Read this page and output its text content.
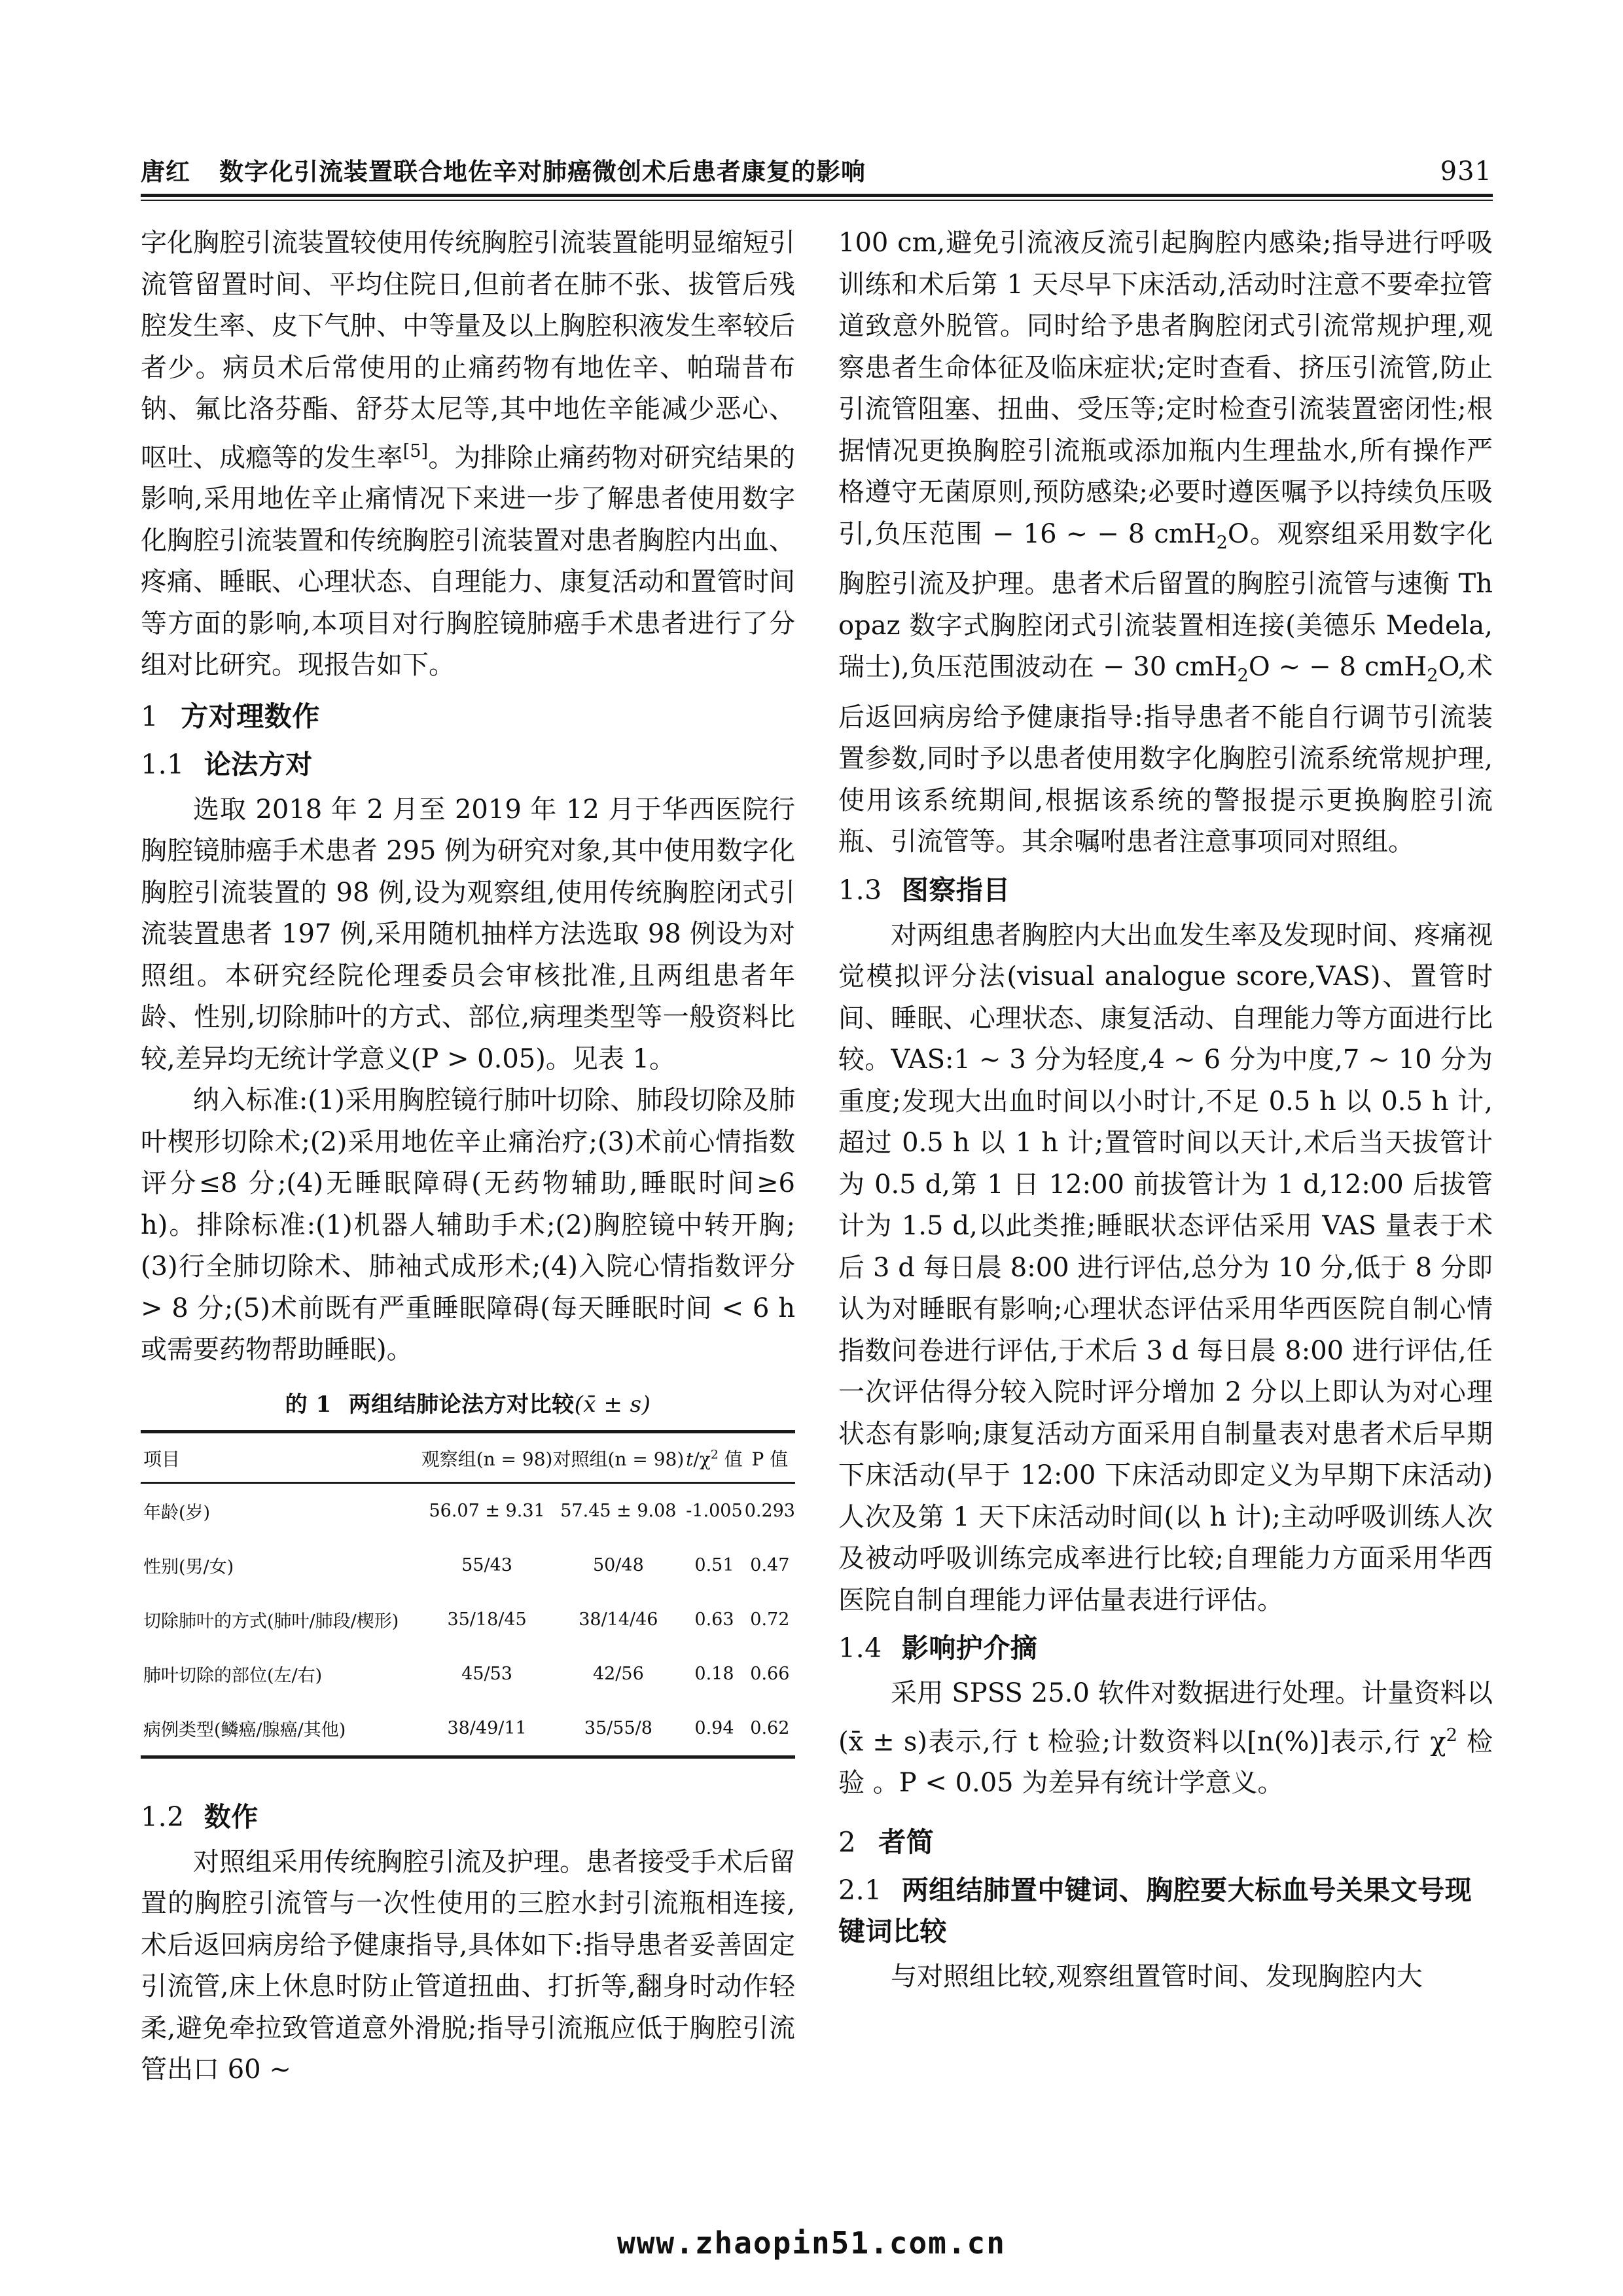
唐红 数字化引流装置联合地佐辛对肺癌微创术后患者康复的影响	931

字化胸腔引流装置较使用传统胸腔引流装置能明显缩短引流管留置时间、平均住院日,但前者在肺不张、拔管后残腔发生率、皮下气肿、中等量及以上胸腔积液发生率较后者少。病员术后常使用的止痛药物有地佐辛、帕瑞昔布钠、氟比洛芬酯、舒芬太尼等,其中地佐辛能减少恶心、呕吐、成瘾等的发生率[5]。为排除止痛药物对研究结果的影响,采用地佐辛止痛情况下来进一步了解患者使用数字化胸腔引流装置和传统胸腔引流装置对患者胸腔内出血、疼痛、睡眠、心理状态、自理能力、康复活动和置管时间等方面的影响,本项目对行胸腔镜肺癌手术患者进行了分组对比研究。现报告如下。

1 方对理数作
1.1 论法方对

选取 2018 年 2 月至 2019 年 12 月于华西医院行胸腔镜肺癌手术患者 295 例为研究对象,其中使用数字化胸腔引流装置的 98 例,设为观察组,使用传统胸腔闭式引流装置患者 197 例,采用随机抽样方法选取 98 例设为对照组。本研究经院伦理委员会审核批准,且两组患者年龄、性别,切除肺叶的方式、部位,病理类型等一般资料比较,差异均无统计学意义(P > 0.05)。见表 1。

纳入标准:(1)采用胸腔镜行肺叶切除、肺段切除及肺叶楔形切除术;(2)采用地佐辛止痛治疗;(3)术前心情指数评分≤8 分;(4)无睡眠障碍(无药物辅助,睡眠时间≥6 h)。排除标准:(1)机器人辅助手术;(2)胸腔镜中转开胸;(3)行全肺切除术、肺袖式成形术;(4)入院心情指数评分 > 8 分;(5)术前既有严重睡眠障碍(每天睡眠时间 < 6 h 或需要药物帮助睡眠)。

的 1 两组结肺论法方对比较(x̄ ± s)
项目	观察组(n = 98)	对照组(n = 98)	$t/\chi^2$ 值	P 值
年龄(岁)	56.07 ± 9.31	57.45 ± 9.08	-1.005	0.293
性别(男/女)	55/43	50/48	0.51	0.47
切除肺叶的方式(肺叶/肺段/楔形)	35/18/45	38/14/46	0.63	0.72
肺叶切除的部位(左/右)	45/53	42/56	0.18	0.66
病例类型(鳞癌/腺癌/其他)	38/49/11	35/55/8	0.94	0.62
1.2 数作

对照组采用传统胸腔引流及护理。患者接受手术后留置的胸腔引流管与一次性使用的三腔水封引流瓶相连接,术后返回病房给予健康指导,具体如下:指导患者妥善固定引流管,床上休息时防止管道扭曲、打折等,翻身时动作轻柔,避免牵拉致管道意外滑脱;指导引流瓶应低于胸腔引流管出口 60 ~

100 cm,避免引流液反流引起胸腔内感染;指导进行呼吸训练和术后第 1 天尽早下床活动,活动时注意不要牵拉管道致意外脱管。同时给予患者胸腔闭式引流常规护理,观察患者生命体征及临床症状;定时查看、挤压引流管,防止引流管阻塞、扭曲、受压等;定时检查引流装置密闭性;根据情况更换胸腔引流瓶或添加瓶内生理盐水,所有操作严格遵守无菌原则,预防感染;必要时遵医嘱予以持续负压吸引,负压范围 − 16 ~ − 8 cmH$_2$O。观察组采用数字化胸腔引流及护理。患者术后留置的胸腔引流管与速衡 Thopaz 数字式胸腔闭式引流装置相连接(美德乐 Medela,瑞士),负压范围波动在 − 30 cmH$_2$O ~ − 8 cmH$_2$O,术后返回病房给予健康指导:指导患者不能自行调节引流装置参数,同时予以患者使用数字化胸腔引流系统常规护理,使用该系统期间,根据该系统的警报提示更换胸腔引流瓶、引流管等。其余嘱咐患者注意事项同对照组。

1.3 图察指目

对两组患者胸腔内大出血发生率及发现时间、疼痛视觉模拟评分法(visual analogue score,VAS)、置管时间、睡眠、心理状态、康复活动、自理能力等方面进行比较。VAS:1 ~ 3 分为轻度,4 ~ 6 分为中度,7 ~ 10 分为重度;发现大出血时间以小时计,不足 0.5 h 以 0.5 h 计,超过 0.5 h 以 1 h 计;置管时间以天计,术后当天拔管计为 0.5 d,第 1 日 12:00 前拔管计为 1 d,12:00 后拔管计为 1.5 d,以此类推;睡眠状态评估采用 VAS 量表于术后 3 d 每日晨 8:00 进行评估,总分为 10 分,低于 8 分即认为对睡眠有影响;心理状态评估采用华西医院自制心情指数问卷进行评估,于术后 3 d 每日晨 8:00 进行评估,任一次评估得分较入院时评分增加 2 分以上即认为对心理状态有影响;康复活动方面采用自制量表对患者术后早期下床活动(早于 12:00 下床活动即定义为早期下床活动)人次及第 1 天下床活动时间(以 h 计);主动呼吸训练人次及被动呼吸训练完成率进行比较;自理能力方面采用华西医院自制自理能力评估量表进行评估。

1.4 影响护介摘

采用 SPSS 25.0 软件对数据进行处理。计量资料以(x̄ ± s)表示,行 t 检验;计数资料以[n(%)]表示,行 $\chi^2$ 检验 。P < 0.05 为差异有统计学意义。

2 者简
2.1 两组结肺置中键词、胸腔要大标血号关果文号现键词比较

与对照组比较,观察组置管时间、发现胸腔内大

www.zhaopin51.com.cn
